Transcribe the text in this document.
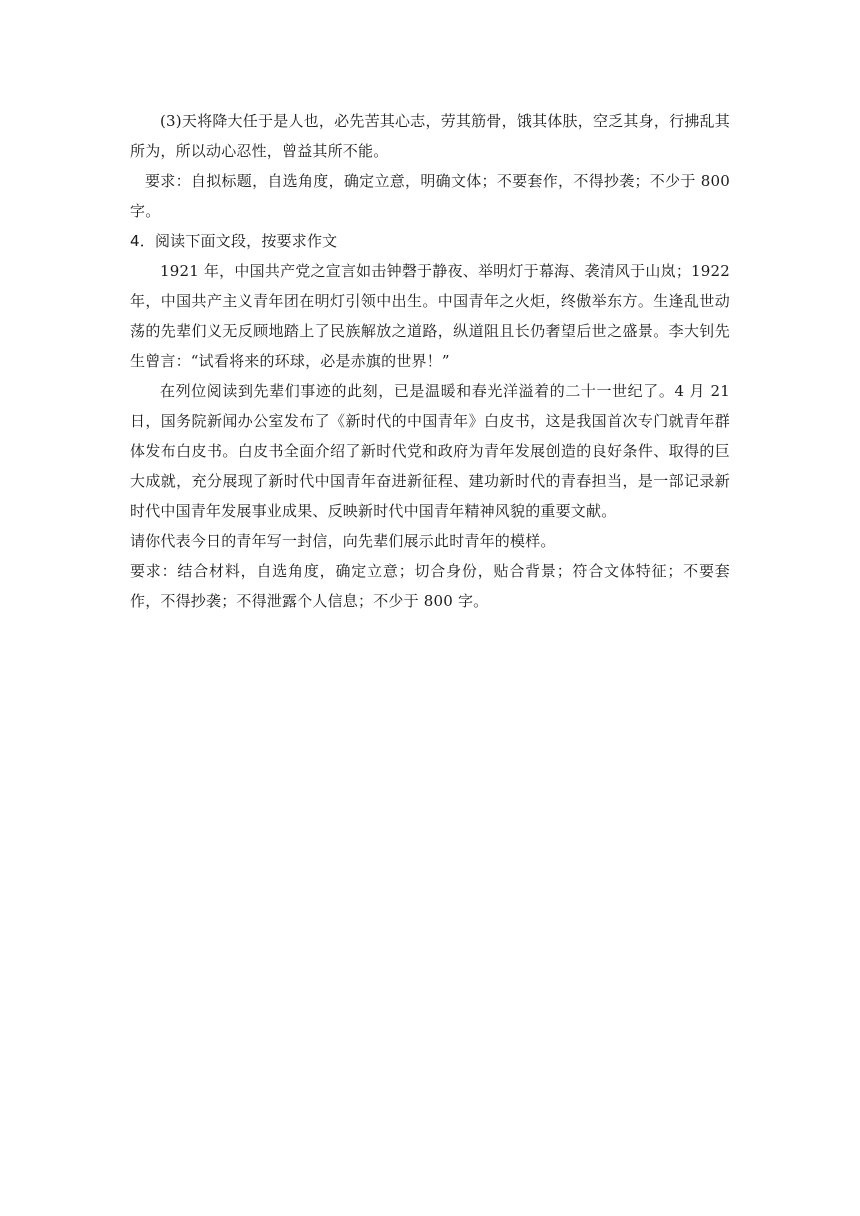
(3)天将降大任于是人也，必先苦其心志，劳其筋骨，饿其体肤，空乏其身，行拂乱其所为，所以动心忍性，曾益其所不能。

要求：自拟标题，自选角度，确定立意，明确文体；不要套作，不得抄袭；不少于 800 字。

4．阅读下面文段，按要求作文

1921 年，中国共产党之宣言如击钟磬于静夜、举明灯于幕海、袭清风于山岚；1922 年，中国共产主义青年团在明灯引领中出生。中国青年之火炬，终傲举东方。生逢乱世动荡的先辈们义无反顾地踏上了民族解放之道路，纵道阻且长仍奢望后世之盛景。李大钊先生曾言：“试看将来的环球，必是赤旗的世界！”

在列位阅读到先辈们事迹的此刻，已是温暖和春光洋溢着的二十一世纪了。4 月 21 日，国务院新闻办公室发布了《新时代的中国青年》白皮书，这是我国首次专门就青年群体发布白皮书。白皮书全面介绍了新时代党和政府为青年发展创造的良好条件、取得的巨大成就，充分展现了新时代中国青年奋进新征程、建功新时代的青春担当，是一部记录新时代中国青年发展事业成果、反映新时代中国青年精神风貌的重要文献。

请你代表今日的青年写一封信，向先辈们展示此时青年的模样。

要求：结合材料，自选角度，确定立意；切合身份，贴合背景；符合文体特征；不要套作，不得抄袭；不得泄露个人信息；不少于 800 字。
